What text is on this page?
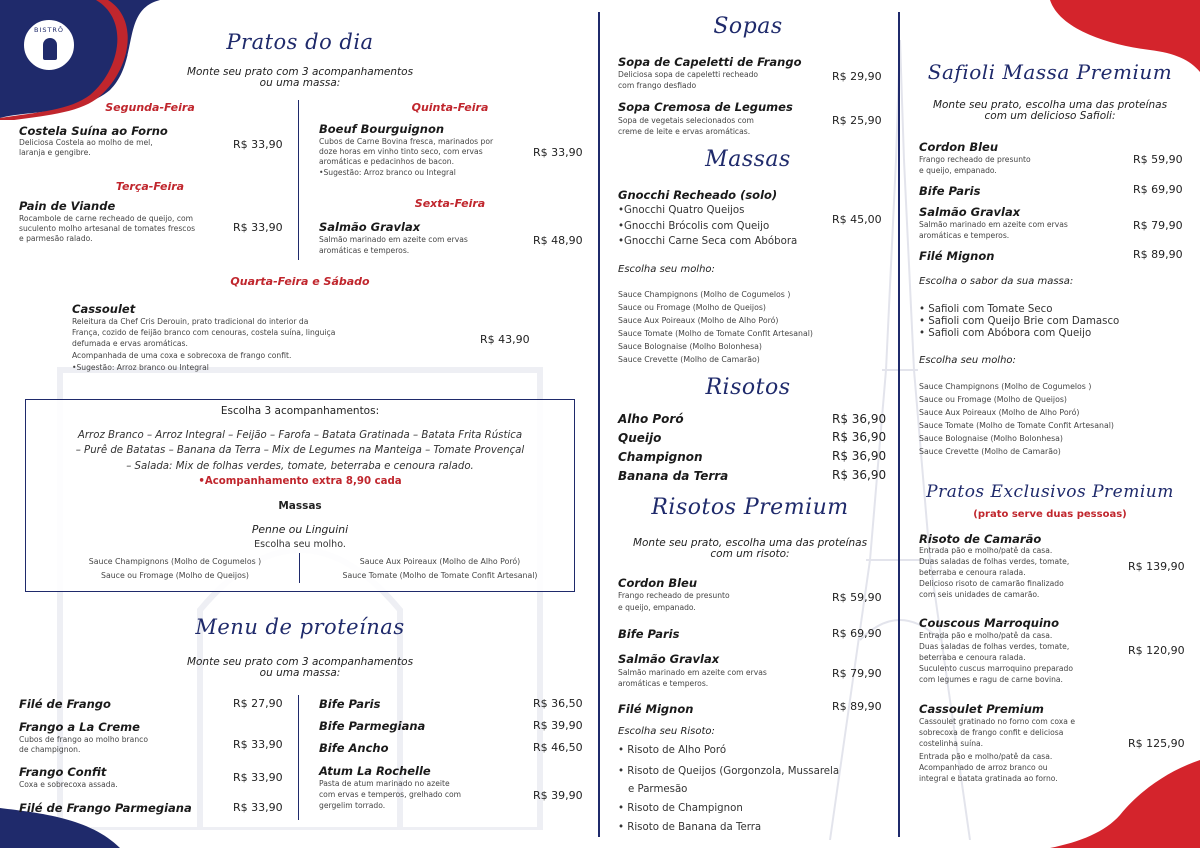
BISTRÔ	Pratos do dia
Monte seu prato com 3 acompanhamentos
ou uma massa:
Segunda-Feira
Costela Suína ao Forno
Deliciosa Costela ao molho de mel,
laranja e gengibre.
R$ 33,90
Terça-Feira
Pain de Viande
Rocambole de carne recheado de queijo, com
suculento molho artesanal de tomates frescos
e parmesão ralado.
R$ 33,90
Quinta-Feira
Boeuf Bourguignon
Cubos de Carne Bovina fresca, marinados por
doze horas em vinho tinto seco, com ervas
aromáticas e pedacinhos de bacon.
•Sugestão: Arroz branco ou Integral
R$ 33,90
Sexta-Feira
Salmão Gravlax
Salmão marinado em azeite com ervas
aromáticas e temperos.
R$ 48,90
Quarta-Feira e Sábado
Cassoulet
Releitura da Chef Cris Derouin, prato tradicional do interior da
França, cozido de feijão branco com cenouras, costela suína, linguiça
defumada e ervas aromáticas.
Acompanhada de uma coxa e sobrecoxa de frango confit.
•Sugestão: Arroz branco ou Integral
R$ 43,90
Escolha 3 acompanhamentos:
Arroz Branco – Arroz Integral – Feijão – Farofa – Batata Gratinada – Batata Frita Rústica
– Purê de Batatas – Banana da Terra – Mix de Legumes na Manteiga – Tomate Provençal
– Salada: Mix de folhas verdes, tomate, beterraba e cenoura ralado.
•Acompanhamento extra 8,90 cada
Massas
Penne ou Linguini
Escolha seu molho.
Sauce Champignons (Molho de Cogumelos )
Sauce ou Fromage (Molho de Queijos)
Sauce Aux Poireaux (Molho de Alho Poró)
Sauce Tomate (Molho de Tomate Confit Artesanal)
Menu de proteínas
Monte seu prato com 3 acompanhamentos
ou uma massa:
Filé de Frango	R$ 27,90
Frango a La Creme
Cubos de frango ao molho branco
de champignon.	R$ 33,90
Frango Confit
Coxa e sobrecoxa assada.
R$ 33,90
Filé de Frango Parmegiana	R$ 33,90
Bife Paris	R$ 36,50
Bife Parmegiana	R$ 39,90
Bife Ancho	R$ 46,50
Atum La Rochelle
Pasta de atum marinado no azeite
com ervas e temperos, grelhado com
gergelim torrado.
R$ 39,90
Sopas
Sopa de Capeletti de Frango
Deliciosa sopa de capeletti recheado
com frango desfiado
R$ 29,90
Sopa Cremosa de Legumes
Sopa de vegetais selecionados com
creme de leite e ervas aromáticas.
R$ 25,90
Massas
Gnocchi Recheado (solo)
•Gnocchi Quatro Queijos
•Gnocchi Brócolis com Queijo
•Gnocchi Carne Seca com Abóbora
R$ 45,00
Escolha seu molho:
Sauce Champignons (Molho de Cogumelos )
Sauce ou Fromage (Molho de Queijos)
Sauce Aux Poireaux (Molho de Alho Poró)
Sauce Tomate (Molho de Tomate Confit Artesanal)
Sauce Bolognaise (Molho Bolonhesa)
Sauce Crevette (Molho de Camarão)
Risotos
Alho Poró	R$ 36,90
Queijo	R$ 36,90
Champignon	R$ 36,90
Banana da Terra	R$ 36,90
Risotos Premium
Monte seu prato, escolha uma das proteínas
com um risoto:
Cordon Bleu
Frango recheado de presunto
e queijo, empanado.
R$ 59,90
Bife Paris	R$ 69,90
Salmão Gravlax
Salmão marinado em azeite com ervas
aromáticas e temperos.
R$ 79,90
Filé Mignon	R$ 89,90
Escolha seu Risoto:
• Risoto de Alho Poró
• Risoto de Queijos (Gorgonzola, Mussarela
e Parmesão
• Risoto de Champignon
• Risoto de Banana da Terra
Safioli Massa Premium
Monte seu prato, escolha uma das proteínas
com um delicioso Safioli:
Cordon Bleu
Frango recheado de presunto
e queijo, empanado.
R$ 59,90
Bife Paris	R$ 69,90
Salmão Gravlax
Salmão marinado em azeite com ervas
aromáticas e temperos.
R$ 79,90
Filé Mignon	R$ 89,90
Escolha o sabor da sua massa:
• Safioli com Tomate Seco
• Safioli com Queijo Brie com Damasco
• Safioli com Abóbora com Queijo
Escolha seu molho:
Sauce Champignons (Molho de Cogumelos )
Sauce ou Fromage (Molho de Queijos)
Sauce Aux Poireaux (Molho de Alho Poró)
Sauce Tomate (Molho de Tomate Confit Artesanal)
Sauce Bolognaise (Molho Bolonhesa)
Sauce Crevette (Molho de Camarão)
Pratos Exclusivos Premium
(prato serve duas pessoas)
Risoto de Camarão
Entrada pão e molho/patê da casa.
Duas saladas de folhas verdes, tomate,
beterraba e cenoura ralada.
Delicioso risoto de camarão finalizado
com seis unidades de camarão.
R$ 139,90
Couscous Marroquino
Entrada pão e molho/patê da casa.
Duas saladas de folhas verdes, tomate,
beterraba e cenoura ralada.
Suculento cuscus marroquino preparado
com legumes e ragu de carne bovina.
R$ 120,90
Cassoulet Premium
Cassoulet gratinado no forno com coxa e
sobrecoxa de frango confit e deliciosa
costelinha suína.
Entrada pão e molho/patê da casa.
Acompanhado de arroz branco ou
integral e batata gratinada ao forno.
R$ 125,90
